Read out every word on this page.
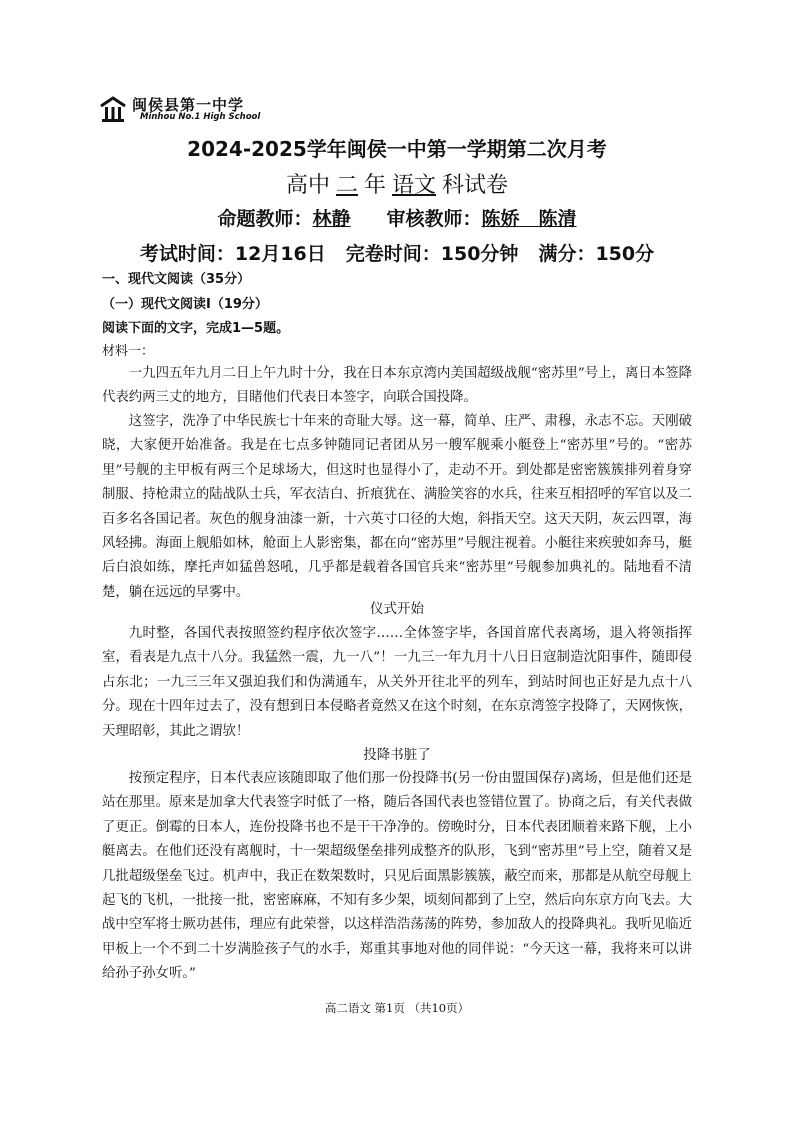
闽侯县第一中学
Minhou No.1 High School
2024-2025学年闽侯一中第一学期第二次月考
高中 二 年 语文 科试卷
命题教师：林静 审核教师：陈娇　陈清
考试时间：12月16日 完卷时间：150分钟 满分：150分
一、现代文阅读（35分）
（一）现代文阅读Ⅰ（19分）
阅读下面的文字，完成1—5题。
材料一：

一九四五年九月二日上午九时十分，我在日本东京湾内美国超级战舰“密苏里”号上，离日本签降代表约两三丈的地方，目睹他们代表日本签字，向联合国投降。

这签字，洗净了中华民族七十年来的奇耻大辱。这一幕，简单、庄严、肃穆，永志不忘。天刚破晓，大家便开始准备。我是在七点多钟随同记者团从另一艘军舰乘小艇登上“密苏里”号的。“密苏里”号舰的主甲板有两三个足球场大，但这时也显得小了，走动不开。到处都是密密簇簇排列着身穿制服、持枪肃立的陆战队士兵，军衣洁白、折痕犹在、满脸笑容的水兵，往来互相招呼的军官以及二百多名各国记者。灰色的舰身油漆一新，十六英寸口径的大炮，斜指天空。这天天阴，灰云四罩，海风轻拂。海面上舰船如林，舱面上人影密集，都在向“密苏里”号舰注视着。小艇往来疾驶如奔马，艇后白浪如练，摩托声如猛兽怒吼，几乎都是载着各国官兵来“密苏里”号舰参加典礼的。陆地看不清楚，躺在远远的早雾中。

仪式开始

九时整，各国代表按照签约程序依次签字……全体签字毕，各国首席代表离场，退入将领指挥室，看表是九点十八分。我猛然一震，九一八”！一九三一年九月十八日日寇制造沈阳事件，随即侵占东北；一九三三年又强迫我们和伪满通车，从关外开往北平的列车，到站时间也正好是九点十八分。现在十四年过去了，没有想到日本侵略者竟然又在这个时刻，在东京湾签字投降了，天网恢恢，天理昭彰，其此之谓欤！

投降书脏了

按预定程序，日本代表应该随即取了他们那一份投降书(另一份由盟国保存)离场，但是他们还是站在那里。原来是加拿大代表签字时低了一格，随后各国代表也签错位置了。协商之后，有关代表做了更正。倒霉的日本人，连份投降书也不是干干净净的。傍晚时分，日本代表团顺着来路下舰，上小艇离去。在他们还没有离舰时，十一架超级堡垒排列成整齐的队形，飞到“密苏里”号上空，随着又是几批超级堡垒飞过。机声中，我正在数架数时，只见后面黑影簇簇，蔽空而来，那都是从航空母舰上起飞的飞机，一批接一批，密密麻麻，不知有多少架，顷刻间都到了上空，然后向东京方向飞去。大战中空军将士厥功甚伟，理应有此荣誉，以这样浩浩荡荡的阵势，参加敌人的投降典礼。我听见临近甲板上一个不到二十岁满脸孩子气的水手，郑重其事地对他的同伴说：“今天这一幕，我将来可以讲给孙子孙女听。”

高二语文 第1页 （共10页）
